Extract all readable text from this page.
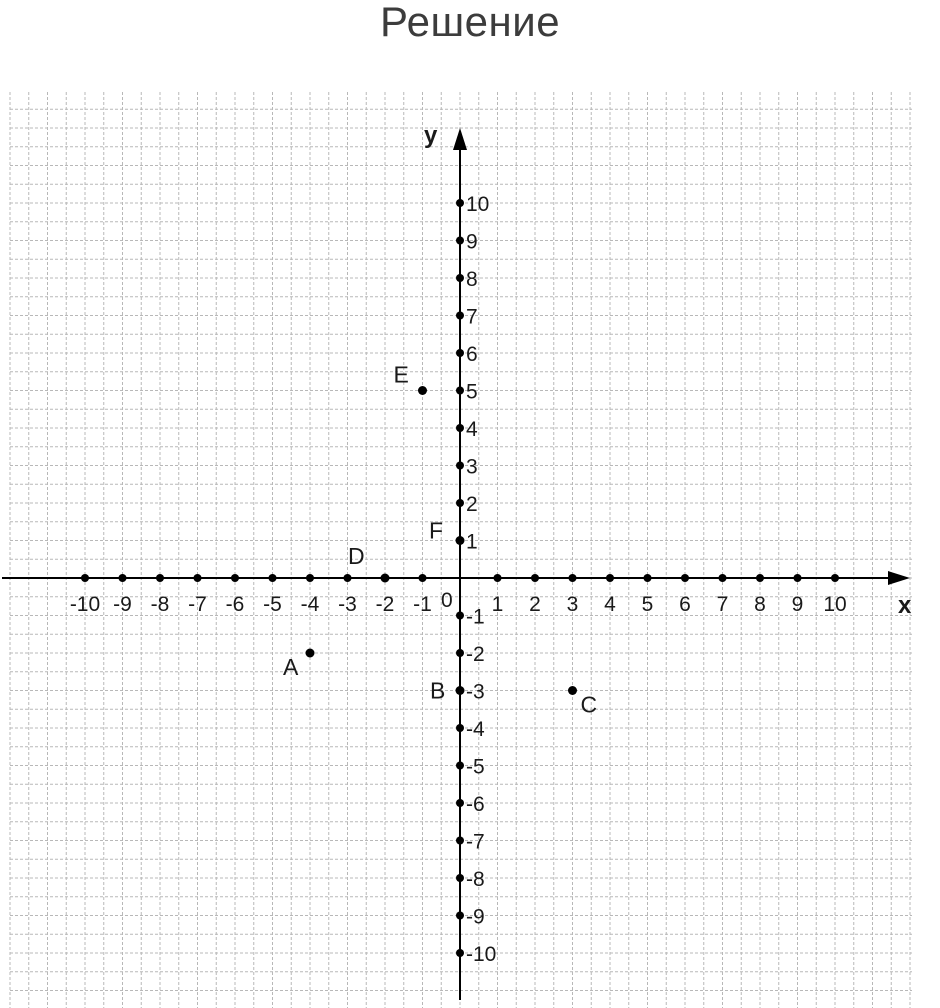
Решение
x
y
0
-10 -9 -8 -7 -6 -5 -4 -3 -2 -1	1 2 3 4 5 6 7 8 9 10
-10
-9
-8
-7
-6
-5
-4
-3
-2
-1
1
2
3
4
5
6
7
8
9
10
A
B
C
D
E
F
